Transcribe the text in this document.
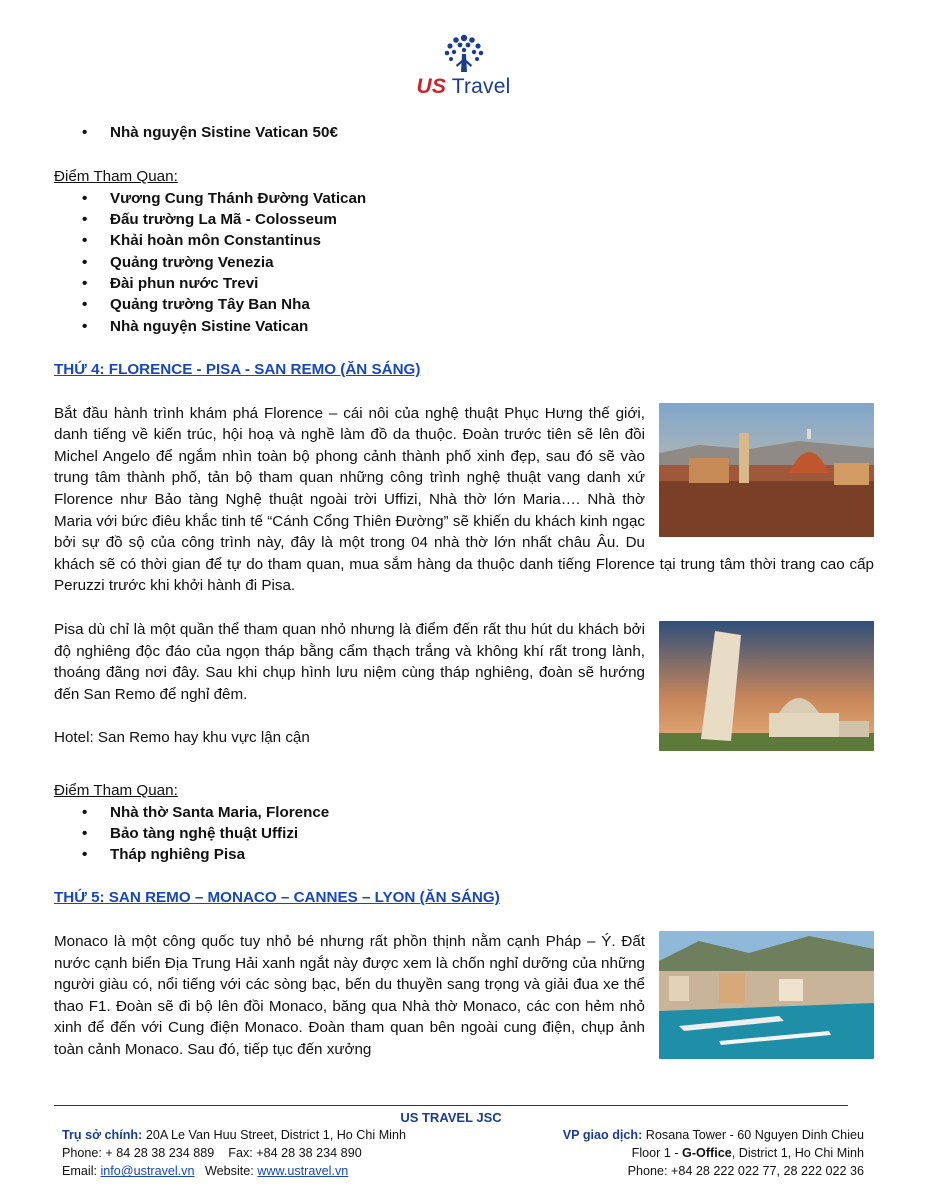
US Travel
• Nhà nguyện Sistine Vatican 50€
Điểm Tham Quan:
• Vương Cung Thánh Đường Vatican
• Đấu trường La Mã - Colosseum
• Khải hoàn môn Constantinus
• Quảng trường Venezia
• Đài phun nước Trevi
• Quảng trường Tây Ban Nha
• Nhà nguyện Sistine Vatican
THỨ 4: FLORENCE - PISA - SAN REMO (ĂN SÁNG)

Bắt đầu hành trình khám phá Florence – cái nôi của nghệ thuật Phục Hưng thế giới, danh tiếng về kiến trúc, hội hoạ và nghề làm đồ da thuộc. Đoàn trước tiên sẽ lên đồi Michel Angelo để ngắm nhìn toàn bộ phong cảnh thành phố xinh đẹp, sau đó sẽ vào trung tâm thành phố, tản bộ tham quan những công trình nghệ thuật vang danh xứ Florence như Bảo tàng Nghệ thuật ngoài trời Uffizi, Nhà thờ lớn Maria…. Nhà thờ Maria với bức điêu khắc tinh tế “Cánh Cổng Thiên Đường” sẽ khiến du khách kinh ngạc bởi sự đồ sộ của công trình này, đây là một trong 04 nhà thờ lớn nhất châu Âu. Du khách sẽ có thời gian để tự do tham quan, mua sắm hàng da thuộc danh tiếng Florence tại trung tâm thời trang cao cấp Peruzzi trước khi khởi hành đi Pisa.

Pisa dù chỉ là một quần thể tham quan nhỏ nhưng là điểm đến rất thu hút du khách bởi độ nghiêng độc đáo của ngọn tháp bằng cẩm thạch trắng và không khí rất trong lành, thoáng đãng nơi đây. Sau khi chụp hình lưu niệm cùng tháp nghiêng, đoàn sẽ hướng đến San Remo để nghỉ đêm.

Hotel: San Remo hay khu vực lận cận

Điểm Tham Quan:
• Nhà thờ Santa Maria, Florence
• Bảo tàng nghệ thuật Uffizi
• Tháp nghiêng Pisa
THỨ 5: SAN REMO – MONACO – CANNES – LYON (ĂN SÁNG)

Monaco là một công quốc tuy nhỏ bé nhưng rất phồn thịnh nằm cạnh Pháp – Ý. Đất nước cạnh biển Địa Trung Hải xanh ngắt này được xem là chốn nghỉ dưỡng của những người giàu có, nổi tiếng với các sòng bạc, bến du thuyền sang trọng và giải đua xe thể thao F1. Đoàn sẽ đi bộ lên đồi Monaco, băng qua Nhà thờ Monaco, các con hẻm nhỏ xinh để đến với Cung điện Monaco. Đoàn tham quan bên ngoài cung điện, chụp ảnh toàn cảnh Monaco. Sau đó, tiếp tục đến xưởng

US TRAVEL JSC
Trụ sở chính: 20A Le Van Huu Street, District 1, Ho Chi Minh
Phone: + 84 28 38 234 889    Fax: +84 28 38 234 890
Email: info@ustravel.vn   Website: www.ustravel.vn
VP giao dịch: Rosana Tower - 60 Nguyen Dinh Chieu
Floor 1 - G-Office, District 1, Ho Chi Minh
Phone: +84 28 222 022 77, 28 222 022 36
